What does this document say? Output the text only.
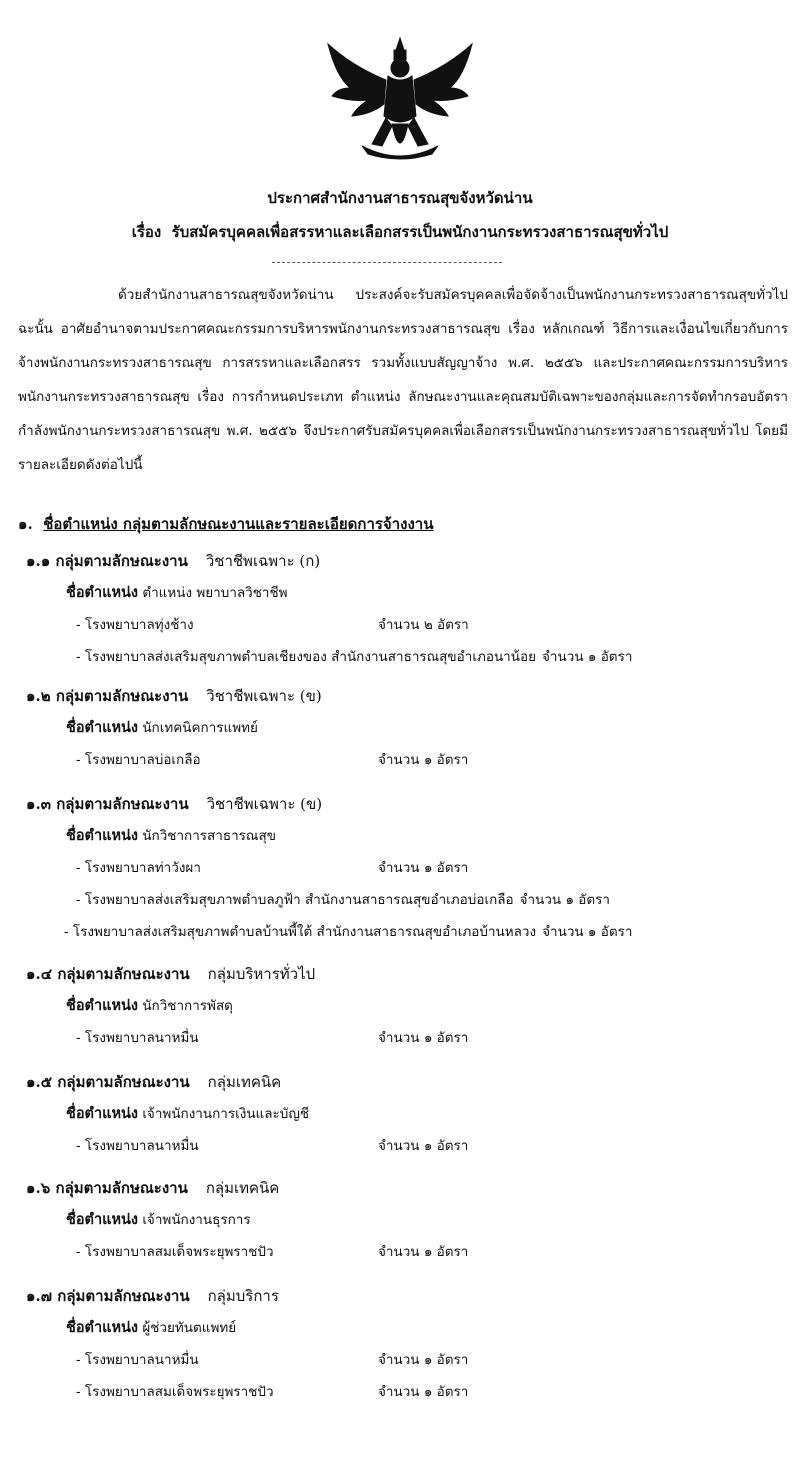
ประกาศสำนักงานสาธารณสุขจังหวัดน่าน
เรื่อง รับสมัครบุคคลเพื่อสรรหาและเลือกสรรเป็นพนักงานกระทรวงสาธารณสุขทั่วไป
ด้วยสำนักงานสาธารณสุขจังหวัดน่าน ประสงค์จะรับสมัครบุคคลเพื่อจัดจ้างเป็นพนักงานกระทรวงสาธารณสุขทั่วไป ฉะนั้น อาศัยอำนาจตามประกาศคณะกรรมการบริหารพนักงานกระทรวงสาธารณสุข เรื่อง หลักเกณฑ์ วิธีการและเงื่อนไขเกี่ยวกับการจ้างพนักงานกระทรวงสาธารณสุข การสรรหาและเลือกสรร รวมทั้งแบบสัญญาจ้าง พ.ศ. ๒๕๕๖ และประกาศคณะกรรมการบริหารพนักงานกระทรวงสาธารณสุข เรื่อง การกำหนดประเภท ตำแหน่ง ลักษณะงานและคุณสมบัติเฉพาะของกลุ่มและการจัดทำกรอบอัตรากำลังพนักงานกระทรวงสาธารณสุข พ.ศ. ๒๕๕๖ จึงประกาศรับสมัครบุคคลเพื่อเลือกสรรเป็นพนักงานกระทรวงสาธารณสุขทั่วไป โดยมีรายละเอียดดังต่อไปนี้
๑. ชื่อตำแหน่ง กลุ่มตามลักษณะงานและรายละเอียดการจ้างงาน
๑.๑ กลุ่มตามลักษณะงาน วิชาชีพเฉพาะ (ก)
ชื่อตำแหน่ง ตำแหน่ง พยาบาลวิชาชีพ
- โรงพยาบาลทุ่งช้าง	จำนวน ๒ อัตรา
- โรงพยาบาลส่งเสริมสุขภาพตำบลเชียงของ สำนักงานสาธารณสุขอำเภอนาน้อย จำนวน ๑ อัตรา
๑.๒ กลุ่มตามลักษณะงาน วิชาชีพเฉพาะ (ข)
ชื่อตำแหน่ง นักเทคนิคการแพทย์
- โรงพยาบาลบ่อเกลือ	จำนวน ๑ อัตรา
๑.๓ กลุ่มตามลักษณะงาน วิชาชีพเฉพาะ (ข)
ชื่อตำแหน่ง นักวิชาการสาธารณสุข
- โรงพยาบาลท่าวังผา	จำนวน ๑ อัตรา
- โรงพยาบาลส่งเสริมสุขภาพตำบลภูฟ้า สำนักงานสาธารณสุขอำเภอบ่อเกลือ จำนวน ๑ อัตรา
- โรงพยาบาลส่งเสริมสุขภาพตำบลบ้านพี้ใต้ สำนักงานสาธารณสุขอำเภอบ้านหลวง จำนวน ๑ อัตรา
๑.๔ กลุ่มตามลักษณะงาน กลุ่มบริหารทั่วไป
ชื่อตำแหน่ง นักวิชาการพัสดุ
- โรงพยาบาลนาหมื่น	จำนวน ๑ อัตรา
๑.๕ กลุ่มตามลักษณะงาน กลุ่มเทคนิค
ชื่อตำแหน่ง เจ้าพนักงานการเงินและบัญชี
- โรงพยาบาลนาหมื่น	จำนวน ๑ อัตรา
๑.๖ กลุ่มตามลักษณะงาน กลุ่มเทคนิค
ชื่อตำแหน่ง เจ้าพนักงานธุรการ
- โรงพยาบาลสมเด็จพระยุพราชปัว	จำนวน ๑ อัตรา
๑.๗ กลุ่มตามลักษณะงาน กลุ่มบริการ
ชื่อตำแหน่ง ผู้ช่วยทันตแพทย์
- โรงพยาบาลนาหมื่น	จำนวน ๑ อัตรา
- โรงพยาบาลสมเด็จพระยุพราชปัว	จำนวน ๑ อัตรา
